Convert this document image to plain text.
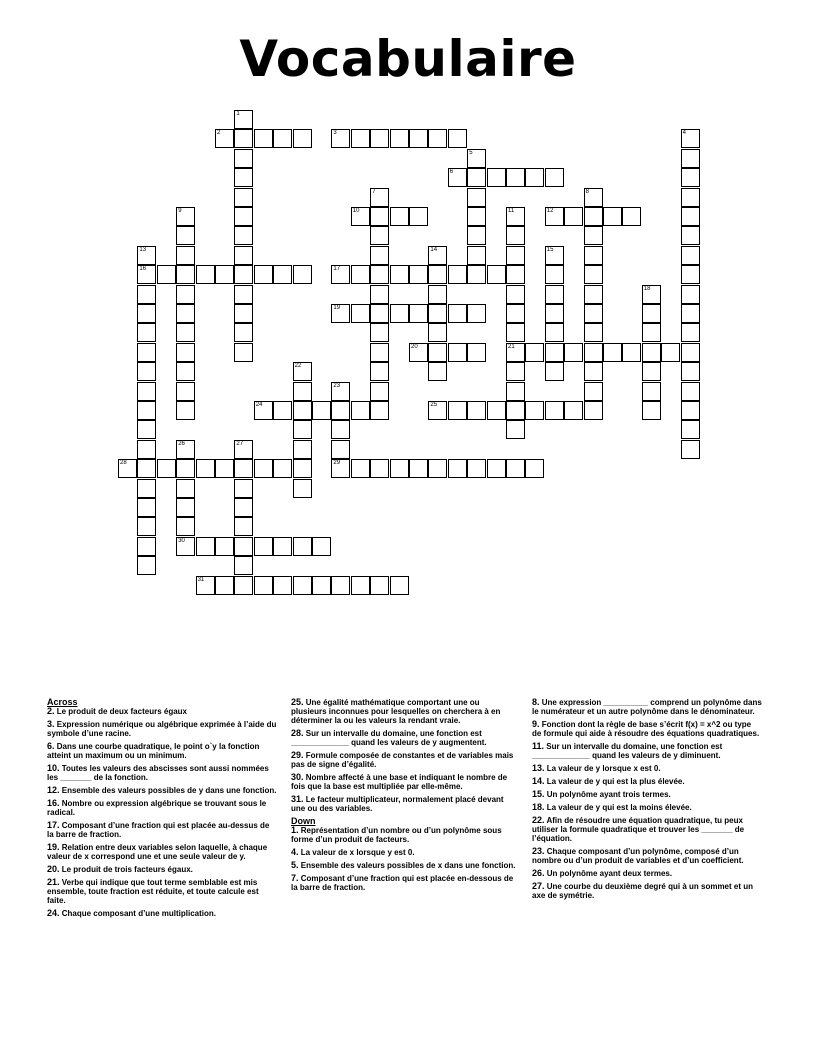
Vocabulaire
1
2	3	4
5
6
7	8
9	10	11
21
12
13
16
14	15
17
18
19
20
22
23
29
24	25
26
30
27
28
31
Across
2. Le produit de deux facteurs égaux
3. Expression numérique ou algébrique exprimée à l’aide du symbole d’une racine.
6. Dans une courbe quadratique, le point o`y la fonction atteint un maximum ou un minimum.
10. Toutes les valeurs des abscisses sont aussi nommées les _______ de la fonction.
12. Ensemble des valeurs possibles de y dans une fonction.
16. Nombre ou expression algébrique se trouvant sous le radical.
17. Composant d’une fraction qui est placée au-dessus de la barre de fraction.
19. Relation entre deux variables selon laquelle, à chaque valeur de x correspond une et une seule valeur de y.
20. Le produit de trois facteurs égaux.
21. Verbe qui indique que tout terme semblable est mis ensemble, toute fraction est réduite, et toute calcule est faite.
24. Chaque composant d’une multiplication.
25. Une égalité mathématique comportant une ou plusieurs inconnues pour lesquelles on cherchera à en déterminer la ou les valeurs la rendant vraie.
28. Sur un intervalle du domaine, une fonction est _____________ quand les valeurs de y augmentent.
29. Formule composée de constantes et de variables mais pas de signe d’égalité.
30. Nombre affecté à une base et indiquant le nombre de fois que la base est multipliée par elle-même.
31. Le facteur multiplicateur, normalement placé devant une ou des variables.
Down
1. Représentation d’un nombre ou d’un polynôme sous forme d’un produit de facteurs.
4. La valeur de x lorsque y est 0.
5. Ensemble des valeurs possibles de x dans une fonction.
7. Composant d’une fraction qui est placée en-dessous de la barre de fraction.
8. Une expression __________ comprend un polynôme dans le numérateur et un autre polynôme dans le dénominateur.
9. Fonction dont la règle de base s’écrit f(x) = x^2 ou type de formule qui aide à résoudre des équations quadratiques.
11. Sur un intervalle du domaine, une fonction est _____________ quand les valeurs de y diminuent.
13. La valeur de y lorsque x est 0.
14. La valeur de y qui est la plus élevée.
15. Un polynôme ayant trois termes.
18. La valeur de y qui est la moins élevée.
22. Afin de résoudre une équation quadratique, tu peux utiliser la formule quadratique et trouver les _______ de l’équation.
23. Chaque composant d’un polynôme, composé d’un nombre ou d’un produit de variables et d’un coefficient.
26. Un polynôme ayant deux termes.
27. Une courbe du deuxième degré qui à un sommet et un axe de symétrie.
